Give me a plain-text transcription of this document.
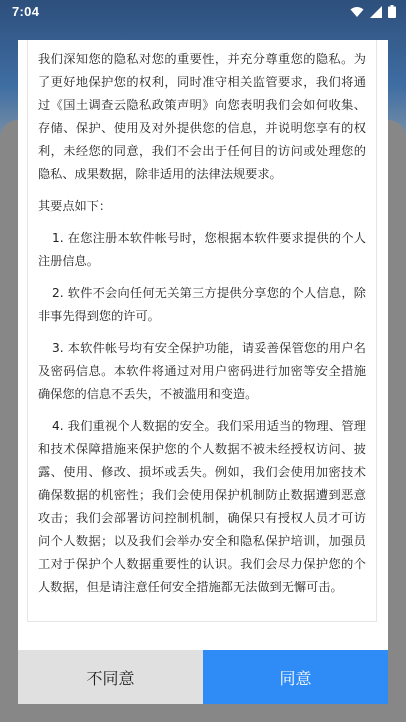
7:04

我们深知您的隐私对您的重要性，并充分尊重您的隐私。为了更好地保护您的权利，同时准守相关监管要求，我们将通过《国土调查云隐私政策声明》向您表明我们会如何收集、存储、保护、使用及对外提供您的信息，并说明您享有的权利，未经您的同意，我们不会出于任何目的访问或处理您的隐私、成果数据，除非适用的法律法规要求。

其要点如下：

1. 在您注册本软件帐号时，您根据本软件要求提供的个人注册信息。

2. 软件不会向任何无关第三方提供分享您的个人信息，除非事先得到您的许可。

3. 本软件帐号均有安全保护功能，请妥善保管您的用户名及密码信息。本软件将通过对用户密码进行加密等安全措施确保您的信息不丢失，不被滥用和变造。

4. 我们重视个人数据的安全。我们采用适当的物理、管理和技术保障措施来保护您的个人数据不被未经授权访问、披露、使用、修改、损坏或丢失。例如，我们会使用加密技术确保数据的机密性；我们会使用保护机制防止数据遭到恶意攻击；我们会部署访问控制机制，确保只有授权人员才可访问个人数据；以及我们会举办安全和隐私保护培训，加强员工对于保护个人数据重要性的认识。我们会尽力保护您的个人数据，但是请注意任何安全措施都无法做到无懈可击。

不同意	同意
